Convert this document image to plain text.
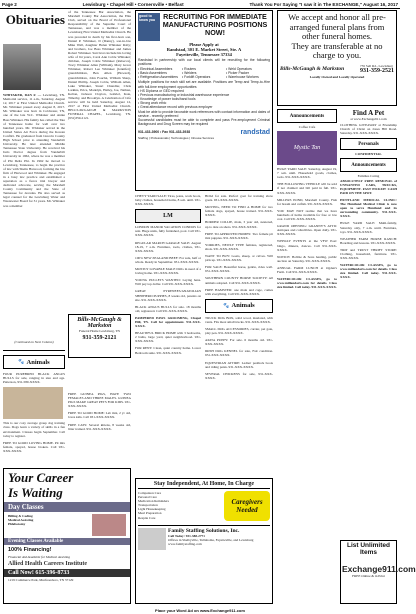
Page 2	Lewisburg • Chapel Hill • Cornersville • Belfast	Thank You For Saying "I saw it in The EXCHANGE," August 16, 2017
Obituaries
WHITAKER, DAN F. — Lewisburg, TN. Memorial service, 11 a.m., Saturday, August 12, 2017 at First United Methodist Church. Mr. Whitaker passed away August 8, 2017. Mr. Whitaker was born in Coldwater, TN, one of the late W.C. Whitaker and Annie Bass Whitaker. His family has called the Tate of Tennessee home for well over two hundred years. Mr. Whitaker served in the United States Air Force during the Korean Conflict. He graduated from Lincoln County High School prior to attending Vanderbilt University. He later attended Middle Tennessee State University. He received his Juris Doctor degree from Vanderbilt University in 1962, where he was a member of Phi Delta Phi. In 1962 he moved to Lewisburg, Tennessee, to begin the practice of law with Sheila Harwood, forming the law firm of Harwood and Whitaker. He engaged in a busy law practice and established a reputation as a fierce trial lawyer and dedicated advocate, serving the Marshall County Community and the State of Tennessee for decades. He also served as legal counsel for the Lewisburg Water and Wastewater Board for 31 years. Mr. Whitaker was a member
(Continued on Next Column)
🐾 Animals
FOUR PUREBRED BLACK ANGUS BULLS for sale, ranging in size and age. Patterson, 931-580-XXXX.
This is our cozy average group dog training class. Dogs learn a variety of skills in a fun environment. Classes begin September. Call today to register.
FREE TO GOOD LOVING HOME. Pit mix female, spayed, house broken. Call 931-XXX-XXXX.
of the Tennessee Bar Association, the Marshall County Bar Association, the Elks Club, served on the Board of Professional Responsibility of the Supreme Court of Tennessee, and was a member of the Lewisburg First United Methodist Church. He was preceded in death by his first-born son, Daniel P. Whitaker, II (Danny), son-in-law Mike Wall, daughter Helen Whitaker Raby; and brothers, Joe Bass Whitaker and James Robert Whitaker. Survivors include his loving wife of 64 years, Carol Ann Coble Whitaker; children, Joseph Coble Whitaker (Rebecca), Tracy Whitaker Allen (William), Mary Grace Whitaker, Robert Lee Whitaker (Jennifer); grandchildren, Ben Allen (Howard), grandchildren, John Fouché, William Sharp, Daniel Phillip, Joseph Coble, William Allen, Luke Whitaker, Stuart Chandler, Chris Larkins, Price, Madelyn, Hailey, Joe, Nathan, Kelton, Jackson Clayton, Gabriel, Kate, Timothy, and Brooklyn. A Celebration of Life service will be held Saturday, August 12, 2017 at First United Methodist Church. BELLS-McGAUGH & MARKSTON FUNERAL CHAPEL, Lewisburg, TN. (931)359-2121.
Bills-McGaugh & Markston
Funeral Home Lewisburg, TN
931-359-2121
FREE GUINEA PIGS, HAVE TWO FEMALES AND THREE MALES. GUINEA PIGS MAKE GREAT PETS FOR KIDS. 931-XXX-XXXX.
FREE TO GOOD HOME: Lab mix, 2 yr old, loves kids. Call 931-XXX-XXXX.
FREE CATS: Several kittens, 8 weeks old, litter trained. 931-XXX-XXXX.
Your Career
Is Waiting
Day Classes
Billing & Coding
Medical Assisting
Phlebotomy
Evening Classes Available
100% Financing!
Financial Aid Available for Medical Assisting
Allied Health Careers Institute
Call Now! 615-396-8733
1219 Commerce Park, Murfreesboro, TN 37129
good to know you	RECRUITING FOR IMMEDIATE MANUFACTURING POSITIONS NOW!
Please Apply at
Randstad, 301 E. Market Street, Ste. A
Fayetteville, Tennessee 37334
Randstad in partnership with our local clients will be recruiting for the following positions:
• Electrical Assemblers	• Routers	• Weld Operators
• Basic Assemblers	• Welders	• Picker Packer
• Refrigeration Assemblers	• Forklift Operators	• Warehouse Workers
Multiple positions for each skill set are available. Positions are Temp and Temp-to-Hire with full-time employment opportunities
• HS Diploma or GED required
• Previous manufacturing or industrial warehouse experience
• Knowledge of power tools/hand tools
• Strong work ethic
• Great attendance record with previous employer
Must be able to provide favorable work references with contact information and dates of service - recently preferred
Successful candidates must be able to complete and pass Pre-employment Criminal Background and Drug Screen may be required
931-433-3900 • Fax 931-433-3938	randstad
Staffing | Professionals | Technologies | Inhouse Services
CHEVY YARD SALE: Tires, jeans, work boots, baby clothes, household items, 8 a.m. until. 931-XXX-XXXX.
LM
LONDON MANOR VACATION CONDOS for rent. Huge units, fully furnished, pool. Call 931-XXX-XXXX.
REGULAR MARCH GARAGE SALE: August 18-19, 7 a.m. Furniture, tools, clothes, 931-XXX-XXXX.
100% NEW ZEALAND BEEF: For sale, half or whole. Ready in September. 931-XXX-XXXX.
MOSTLY LOVABLE MALE DOG in need of a loving home. 931-XXX-XXXX.
YOUNG PULLETS WANTED: Laying hens. Will pay top dollar. Call 931-XXX-XXXX.
GREAT PYRENEES/ANATOLIAN SHEPHERD PUPPIES, 8 weeks old, parents on site. 931-XXX-XXXX.
BLACK ANGUS BULLS for sale. 18 months old, registered. Call 931-XXX-XXXX.
PAMPERED PAWS GROOMING, Chapel Hill, TN. Call for appointment. 931-XXX-XXXX.
BEAUTIFUL BRICK HOME with 3 bedrooms, 2 baths, large yard, quiet neighborhood. 931-XXX-XXXX.
FOR RENT: Clean, quiet country home. Lower Bedroom suite. 931-XXX-XXXX.
BOGI for sale. Perfect goat for training show goats. 931-XXX-XXXX.
MOVING, NEED TO FIND A HOME for two female dogs, spayed, house trained. 931-XXX-XXXX.
BORDER COLLIE, male, 3 year old, neutered, up to date on shots. 931-XXX-XXXX.
FREE TO APPROVED HOMES: Two female pit mix puppies. 931-XXX-XXXX.
YORKIES, NEWLY TYPE females, registered, shots. 931-XXX-XXXX.
WANT TO BUY: Goats, sheep, or calves. Will pick up. 931-XXX-XXXX.
FOR SALE: Beautiful horse, gentle, rides well. 931-XXX-XXXX.
SOUTHERN COUNTY HORSE SOCIETY: All animals adopted. Call 931-XXX-XXXX.
FREE HAMSTER: one male and cage, comes with everything. Call 931-XXX-XXXX.
🐾 Animals
TRUCK DOG BOX, solid wood, insulated, with vents. Fits most small trucks. 931-XXX-XXXX.
SMALL DOG ACCESSORIES, carrier, pet gate, play pen. 931-XXX-XXXX.
AKITA PUPPY: For sale. 6 months old. 931-XXX-XXXX.
IRISH DOG KENNEL for sale, Fair condition. 931-XXX-XXXX.
EQUESTRIAN ATTIRE: Ladies' paddock boots and riding pants. 931-XXX-XXXX.
SEVERAL CHICKENS for sale, 931-XXX-XXXX.
Stay Independent, At Home, In Charge
Companion Care
Personal Care
Medication Reminders
Transportation
Light Housekeeping
Meal Preparation
Respite Care
Caregivers
Needed
Family Staffing Solutions, Inc.
Call Today: 931-388-2771
Offices in Shelbyville, Tullahoma, Fayetteville, and Lewisburg
www.familystaffing.com
We accept and honor all pre-arranged funeral plans from other funeral homes.
They are transferable at no charge to you.
Bills-McGaugh & Markston
755 Sell Rd., Lewisburg
931-359-2521
Locally Owned and Locally Operated
Announcements
Coffee Cafe
Mystic Tan
HUGE YARD SALE: Saturday, August 19, 7 a.m. until. Household goods, clothes, tools. 931-XXX-XXXX.
THE FOLLOWING VEHICLE will be sold if not claimed and bill paid in full. 931-XXX-XXXX.
MILLERS POND, Marshall County. Fish for bream and catfish. 931-XXX-XXXX.
YOU MAY NOT realize that we have hundreds of items available for free or low cost. Call 931-XXX-XXXX.
GRAND OPENING: GRANNY'S ATTIC Antiques and collectibles. Open daily. 931-XXX-XXXX.
WEEKLY EVENTS at the VFW Post: bingo, dinners, dances. Call 931-XXX-XXXX.
NOTICE: Bobbie & Sons hauling, public auction on Saturday. 931-XXX-XXXX.
ANNUAL FARM LUNCH at Ogden's Farm. Call 931-XXX-XXXX.
WATERCOLOR CLASSES, go to www.millandarts.com for details. Class size limited. Call today. 931-XXX-XXXX.
Find A Pet
at www.Exchange911.com
CLOTHING GIVEAWAY at Friendship Church of Christ on Jones Hill Road. Saturday. 931-XXX-XXXX.
Personals
CONFIDENTIAL
Announcements
Families Caring
ABSOLUTELY FREE REMOVAL of UNWANTED CARS, TRUCKS, EQUIPMENT. FAST PICKUP! CASH PAID ON THE SPOT.
HUNTLAND MEDICAL CLINIC: The Huntland Medical Clinic is now open to serve Huntland and its surrounding community. 931-XXX-XXXX.
HUGE YARD SALE: Multi-family, Saturday only, 7 a.m. until. Furniture, toys. 931-XXX-XXXX.
WEATHER FARM HORSE RANCH: Boarding and lessons. 931-XXX-XXXX.
TRIP and TRUST THRIFT STORE: Clothing, household, furniture. 931-XXX-XXXX.
WATERCOLOR CLASSES, go to www.millandarts.com for details. Class size limited. Call today. 931-XXX-XXXX.
List Unlimited Items
Exchange911.com
FREE Online & in Print
Place your Word Ad on www.Exchange911.com
